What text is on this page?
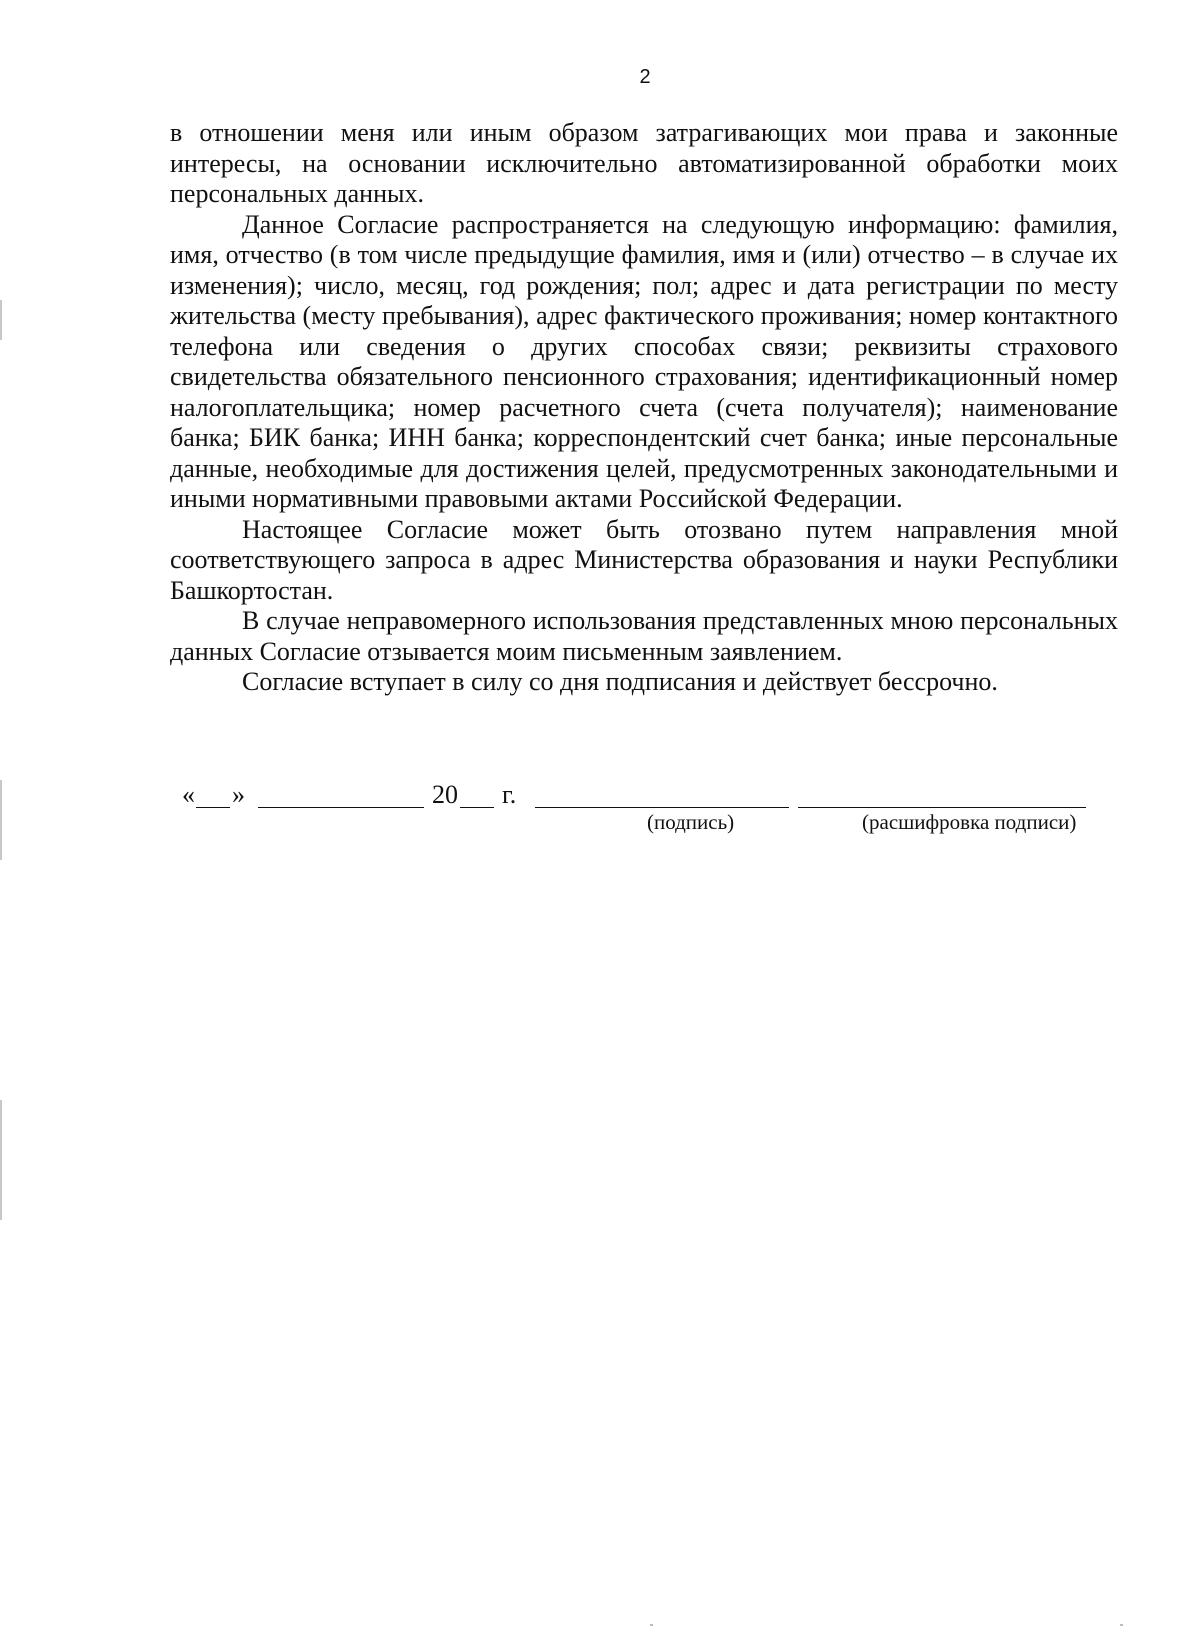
2

в отношении меня или иным образом затрагивающих мои права и законные интересы, на основании исключительно автоматизированной обработки моих персональных данных.

Данное Согласие распространяется на следующую информацию: фамилия, имя, отчество (в том числе предыдущие фамилия, имя и (или) отчество – в случае их изменения); число, месяц, год рождения; пол; адрес и дата регистрации по месту жительства (месту пребывания), адрес фактического проживания; номер контактного телефона или сведения о других способах связи; реквизиты страхового свидетельства обязательного пенсионного страхования; идентификационный номер налогоплательщика; номер расчетного счета (счета получателя); наименование банка; БИК банка; ИНН банка; корреспондентский счет банка; иные персональные данные, необходимые для достижения целей, предусмотренных законодательными и иными нормативными правовыми актами Российской Федерации.

Настоящее Согласие может быть отозвано путем направления мной соответствующего запроса в адрес Министерства образования и науки Республики Башкортостан.

В случае неправомерного использования представленных мною персональных данных Согласие отзывается моим письменным заявлением.

Согласие вступает в силу со дня подписания и действует бессрочно.

« »	20 г.
(подпись)	(расшифровка подписи)
